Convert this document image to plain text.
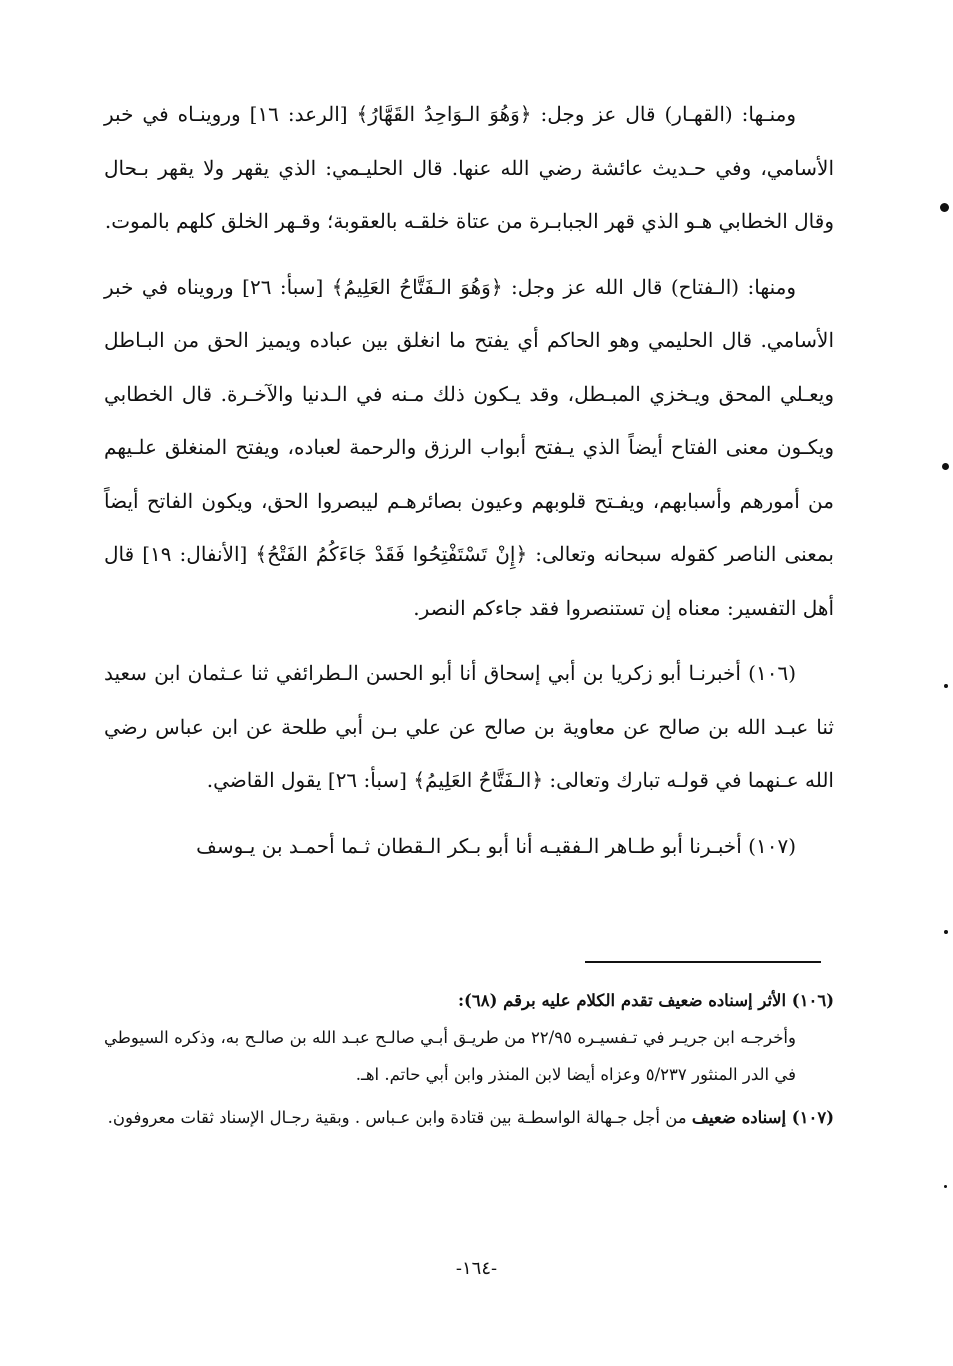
ومنـها: (القهـار) قال عز وجل: ﴿وَهُوَ الـوَاحِدُ القَهَّارُ﴾ [الرعد: ١٦] وروينـاه في خبر الأسامي، وفي حـديث عائشة رضي الله عنها. قال الحليـمي: الذي يقهر ولا يقهر بـحال وقال الخطابي هـو الذي قهر الجبابـرة من عتاة خلقـه بالعقوبة؛ وقـهر الخلق كلهم بالموت.

ومنها: (الـفتاح) قال الله عز وجل: ﴿وَهُوَ الـفَتَّاحُ العَلِيمُ﴾ [سبأ: ٢٦] ورويناه في خبر الأسامي. قال الحليمي وهو الحاكم أي يفتح ما انغلق بين عباده ويميز الحق من البـاطل ويعـلي المحق ويـخزي المبـطل، وقد يـكون ذلك مـنه في الـدنيا والآخـرة. قال الخطابي ويكـون معنى الفتاح أيضاً الذي يـفتح أبواب الرزق والرحمة لعباده، ويفتح المنغلق علـيهم من أمورهم وأسبابهم، ويفـتح قلوبهم وعيون بصائرهـم ليبصروا الحق، ويكون الفاتح أيضاً بمعنى الناصر كقوله سبحانه وتعالى: ﴿إِنْ تَسْتَفْتِحُوا فَقَدْ جَاءَكُمُ الفَتْحُ﴾ [الأنفال: ١٩] قال أهل التفسير: معناه إن تستنصروا فقد جاءكم النصر.

(١٠٦) أخبرنـا أبو زكريا بن أبي إسحاق أنا أبو الحسن الـطرائفي ثنا عـثمان ابن سعيد ثنا عبـد الله بن صالح عن معاوية بن صالح عن علي بـن أبي طلحة عن ابن عباس رضي الله عـنهما في قولـه تبارك وتعالى: ﴿الـفَتَّاحُ العَلِيمُ﴾ [سبأ: ٢٦] يقول القاضي.

(١٠٧) أخبـرنا أبو طـاهر الـفقيـه أنا أبو بـكر الـقطان ثـما أحمـد بن يـوسف

(١٠٦) الأثر إسناده ضعيف تقدم الكلام عليه برقم (٦٨):
وأخرجـه ابن جريـر في تـفسيـره ٢٢/٩٥ من طريـق أبـي صالـح عبـد الله بن صالـح به، وذكره السيوطي في الدر المنثور ٥/٢٣٧ وعزاه أيضا لابن المنذر وابن أبي حاتم. اهـ.
(١٠٧) إسناده ضعيف من أجل جـهالة الواسطـة بين قتادة وابن عـباس . وبقية رجـال الإسناد ثقات معروفون.
-١٦٤-
